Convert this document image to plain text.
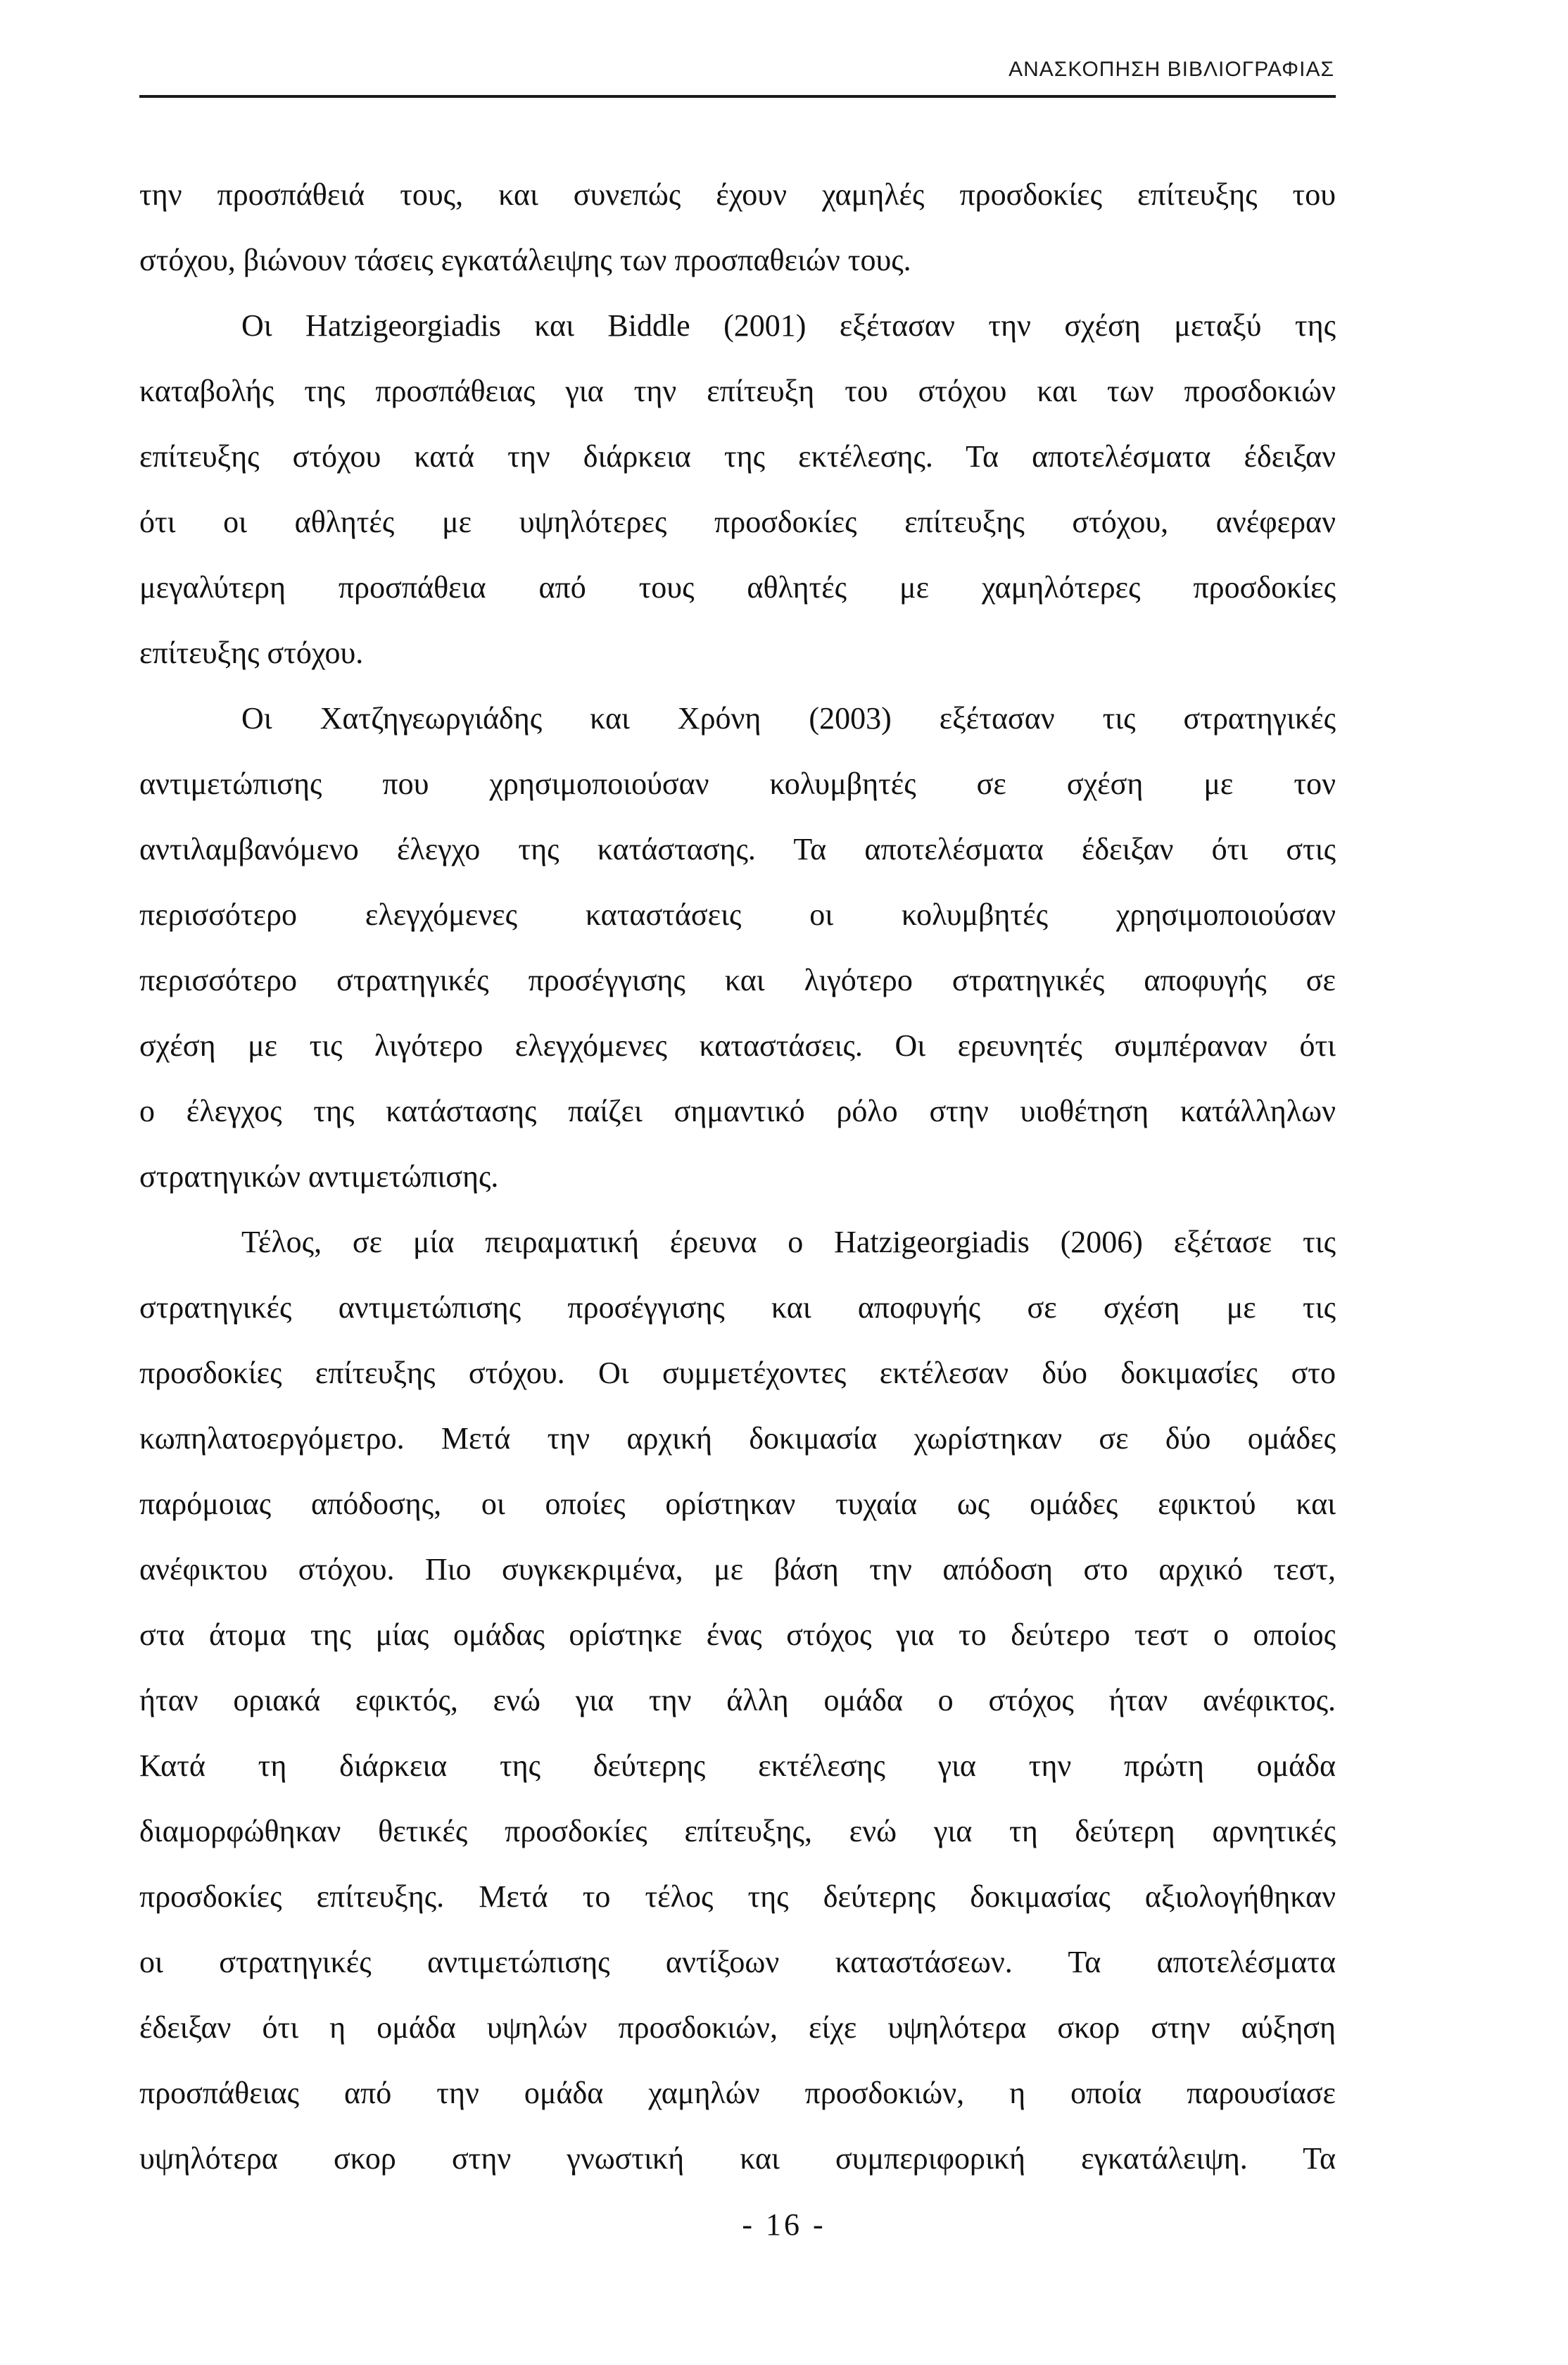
ΑΝΑΣΚΟΠΗΣΗ ΒΙΒΛΙΟΓΡΑΦΙΑΣ
την προσπάθειά τους, και συνεπώς έχουν χαμηλές προσδοκίες επίτευξης του
στόχου, βιώνουν τάσεις εγκατάλειψης των προσπαθειών τους.
Οι Hatzigeorgiadis και Biddle (2001) εξέτασαν την σχέση μεταξύ της
καταβολής της προσπάθειας για την επίτευξη του στόχου και των προσδοκιών
επίτευξης στόχου κατά την διάρκεια της εκτέλεσης. Τα αποτελέσματα έδειξαν
ότι οι αθλητές με υψηλότερες προσδοκίες επίτευξης στόχου, ανέφεραν
μεγαλύτερη προσπάθεια από τους αθλητές με χαμηλότερες προσδοκίες
επίτευξης στόχου.
Οι Χατζηγεωργιάδης και Χρόνη (2003) εξέτασαν τις στρατηγικές
αντιμετώπισης που χρησιμοποιούσαν κολυμβητές σε σχέση με τον
αντιλαμβανόμενο έλεγχο της κατάστασης. Τα αποτελέσματα έδειξαν ότι στις
περισσότερο ελεγχόμενες καταστάσεις οι κολυμβητές χρησιμοποιούσαν
περισσότερο στρατηγικές προσέγγισης και λιγότερο στρατηγικές αποφυγής σε
σχέση με τις λιγότερο ελεγχόμενες καταστάσεις. Οι ερευνητές συμπέραναν ότι
ο έλεγχος της κατάστασης παίζει σημαντικό ρόλο στην υιοθέτηση κατάλληλων
στρατηγικών αντιμετώπισης.
Τέλος, σε μία πειραματική έρευνα ο Hatzigeorgiadis (2006) εξέτασε τις
στρατηγικές αντιμετώπισης προσέγγισης και αποφυγής σε σχέση με τις
προσδοκίες επίτευξης στόχου. Οι συμμετέχοντες εκτέλεσαν δύο δοκιμασίες στο
κωπηλατοεργόμετρο. Μετά την αρχική δοκιμασία χωρίστηκαν σε δύο ομάδες
παρόμοιας απόδοσης, οι οποίες ορίστηκαν τυχαία ως ομάδες εφικτού και
ανέφικτου στόχου. Πιο συγκεκριμένα, με βάση την απόδοση στο αρχικό τεστ,
στα άτομα της μίας ομάδας ορίστηκε ένας στόχος για το δεύτερο τεστ ο οποίος
ήταν οριακά εφικτός, ενώ για την άλλη ομάδα ο στόχος ήταν ανέφικτος.
Κατά τη διάρκεια της δεύτερης εκτέλεσης για την πρώτη ομάδα
διαμορφώθηκαν θετικές προσδοκίες επίτευξης, ενώ για τη δεύτερη αρνητικές
προσδοκίες επίτευξης. Μετά το τέλος της δεύτερης δοκιμασίας αξιολογήθηκαν
οι στρατηγικές αντιμετώπισης αντίξοων καταστάσεων. Τα αποτελέσματα
έδειξαν ότι η ομάδα υψηλών προσδοκιών, είχε υψηλότερα σκορ στην αύξηση
προσπάθειας από την ομάδα χαμηλών προσδοκιών, η οποία παρουσίασε
υψηλότερα σκορ στην γνωστική και συμπεριφορική εγκατάλειψη. Τα
- 16 -
